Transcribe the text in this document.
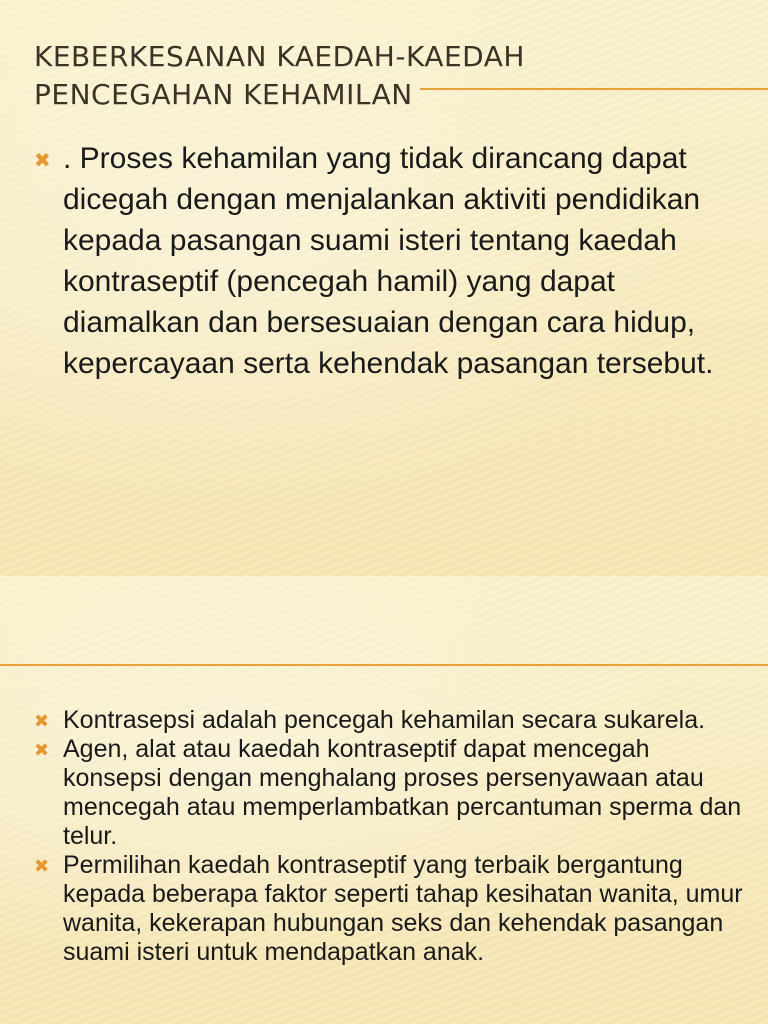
KEBERKESANAN KAEDAH-KAEDAH
PENCEGAHAN KEHAMILAN
✖ . Proses kehamilan yang tidak dirancang dapat dicegah dengan menjalankan aktiviti pendidikan kepada pasangan suami isteri tentang kaedah kontraseptif (pencegah hamil) yang dapat diamalkan dan bersesuaian dengan cara hidup, kepercayaan serta kehendak pasangan tersebut.
✖ Kontrasepsi adalah pencegah kehamilan secara sukarela.
✖ Agen, alat atau kaedah kontraseptif dapat mencegah konsepsi dengan menghalang proses persenyawaan atau mencegah atau memperlambatkan percantuman sperma dan telur.
✖ Permilihan kaedah kontraseptif yang terbaik bergantung kepada beberapa faktor seperti tahap kesihatan wanita, umur wanita, kekerapan hubungan seks dan kehendak pasangan suami isteri untuk mendapatkan anak.
